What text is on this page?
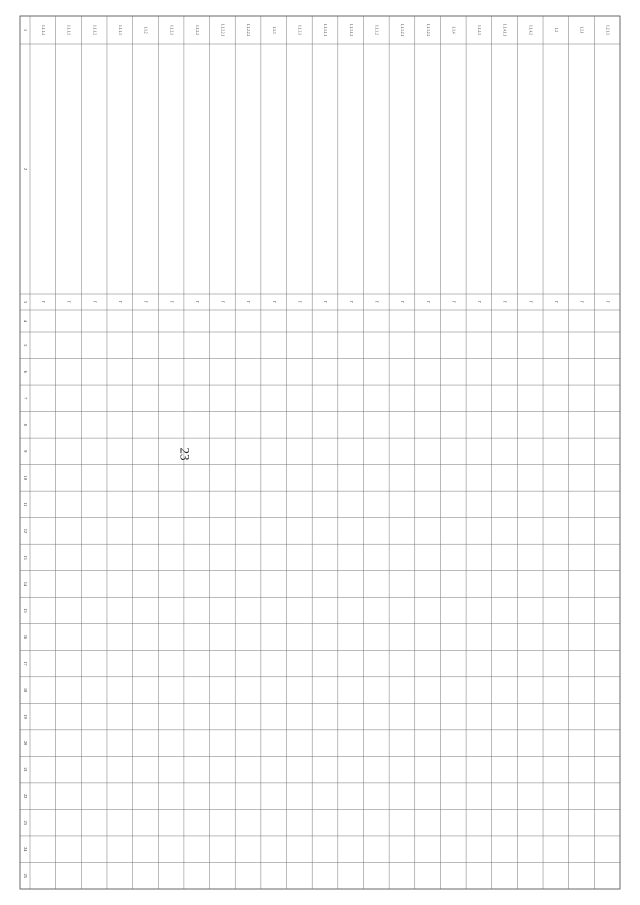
23
1
2
3
4
5
6
7
8
9
10
11
12
13
14
15
16
17
18
19
20
21
22
23
24
25
1.1.1.4
Г
1.1.1.1
Г
1.1.1.2
Г
1.1.1.3
Г
1.1.2
Г
1.1.2.1
Г
1.1.2.2
Г
1.1.2.2.1
Г
1.1.2.2.2
Г
1.1.3
Г
1.1.3.1
Г
1.1.3.1.1
Г
1.1.3.1.2
Г
1.1.3.2
Г
1.1.3.2.1
Г
1.1.3.2.2
Г
1.1.4
Г
1.1.4.1
Г
1.1.4.1.1
Г
1.1.4.2
Г
1.2
Г
1.2.1
Г
1.2.1.1
Г
